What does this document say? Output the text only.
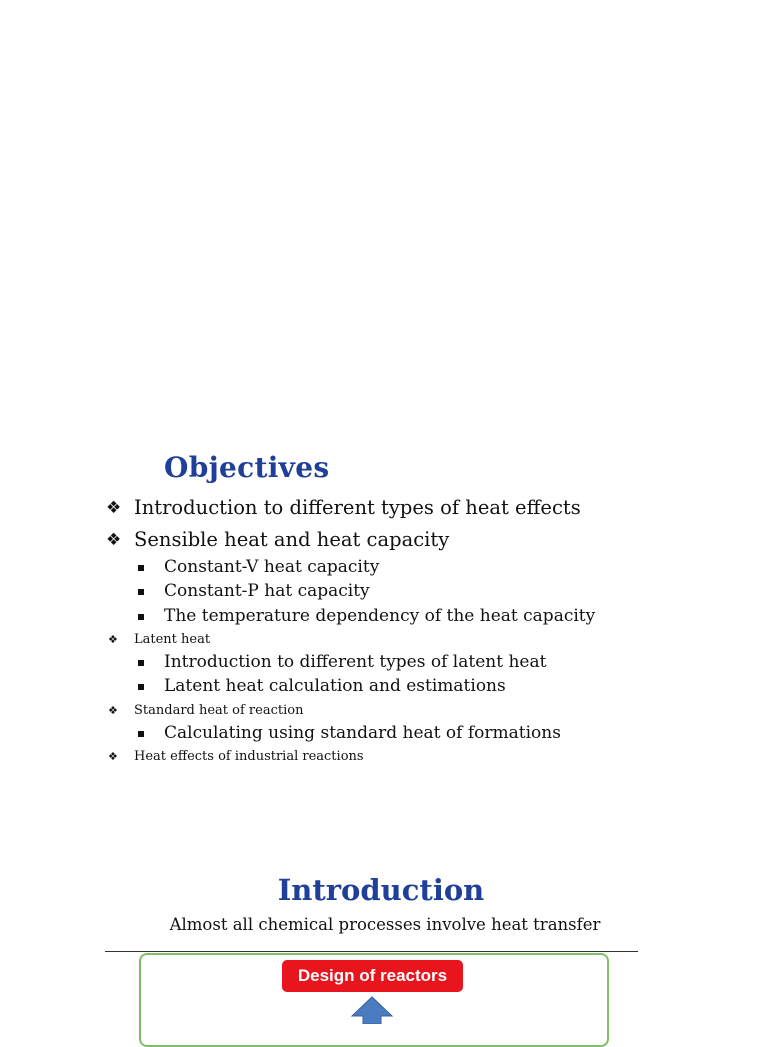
Objectives
❖ Introduction to different types of heat effects
❖ Sensible heat and heat capacity
Constant-V heat capacity
Constant-P hat capacity
The temperature dependency of the heat capacity
❖ Latent heat
Introduction to different types of latent heat
Latent heat calculation and estimations
❖ Standard heat of reaction
Calculating using standard heat of formations
❖ Heat effects of industrial reactions
Introduction
Almost all chemical processes involve heat transfer
Design of reactors
